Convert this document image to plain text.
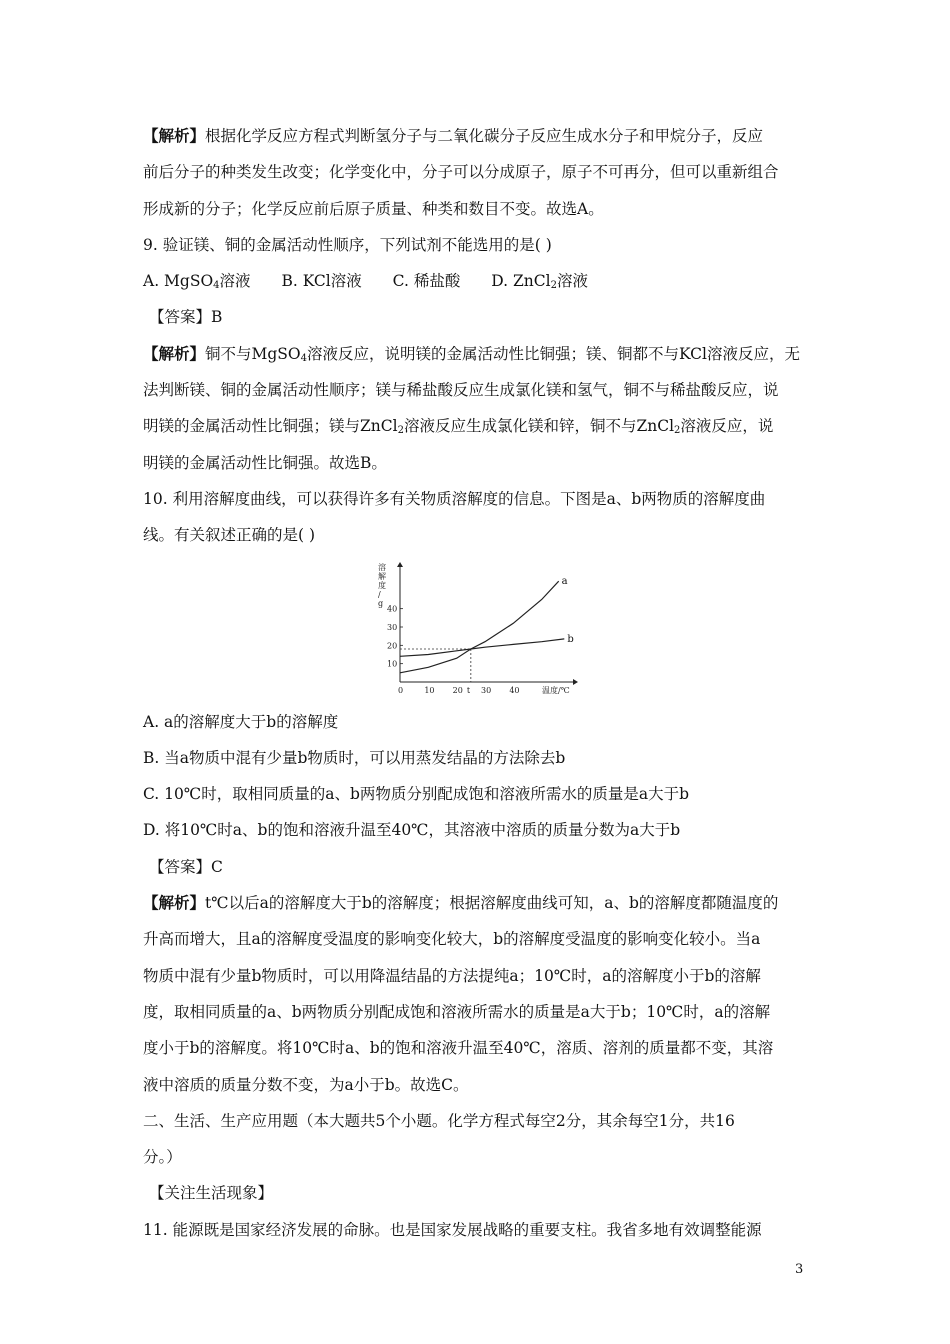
【解析】根据化学反应方程式判断氢分子与二氧化碳分子反应生成水分子和甲烷分子，反应
前后分子的种类发生改变；化学变化中，分子可以分成原子，原子不可再分，但可以重新组合
形成新的分子；化学反应前后原子质量、种类和数目不变。故选A。
9. 验证镁、铜的金属活动性顺序，下列试剂不能选用的是( )
A. MgSO$_4$溶液 B. KCl溶液 C. 稀盐酸 D. ZnCl$_2$溶液
【答案】B
【解析】铜不与MgSO$_4$溶液反应，说明镁的金属活动性比铜强；镁、铜都不与KCl溶液反应，无
法判断镁、铜的金属活动性顺序；镁与稀盐酸反应生成氯化镁和氢气，铜不与稀盐酸反应，说
明镁的金属活动性比铜强；镁与ZnCl$_2$溶液反应生成氯化镁和锌，铜不与ZnCl$_2$溶液反应，说
明镁的金属活动性比铜强。故选B。
10. 利用溶解度曲线，可以获得许多有关物质溶解度的信息。下图是a、b两物质的溶解度曲
线。有关叙述正确的是( )
溶
解
度
/
g
温度/℃
0	10 20 t 30 40
10
20
30
40
a
b
A. a的溶解度大于b的溶解度
B. 当a物质中混有少量b物质时，可以用蒸发结晶的方法除去b
C. 10℃时，取相同质量的a、b两物质分别配成饱和溶液所需水的质量是a大于b
D. 将10℃时a、b的饱和溶液升温至40℃，其溶液中溶质的质量分数为a大于b
【答案】C
【解析】t℃以后a的溶解度大于b的溶解度；根据溶解度曲线可知，a、b的溶解度都随温度的
升高而增大，且a的溶解度受温度的影响变化较大，b的溶解度受温度的影响变化较小。当a
物质中混有少量b物质时，可以用降温结晶的方法提纯a；10℃时，a的溶解度小于b的溶解
度，取相同质量的a、b两物质分别配成饱和溶液所需水的质量是a大于b；10℃时，a的溶解
度小于b的溶解度。将10℃时a、b的饱和溶液升温至40℃，溶质、溶剂的质量都不变，其溶
液中溶质的质量分数不变，为a小于b。故选C。
二、生活、生产应用题（本大题共5个小题。化学方程式每空2分，其余每空1分，共16
分。）
【关注生活现象】
11. 能源既是国家经济发展的命脉。也是国家发展战略的重要支柱。我省多地有效调整能源
3
